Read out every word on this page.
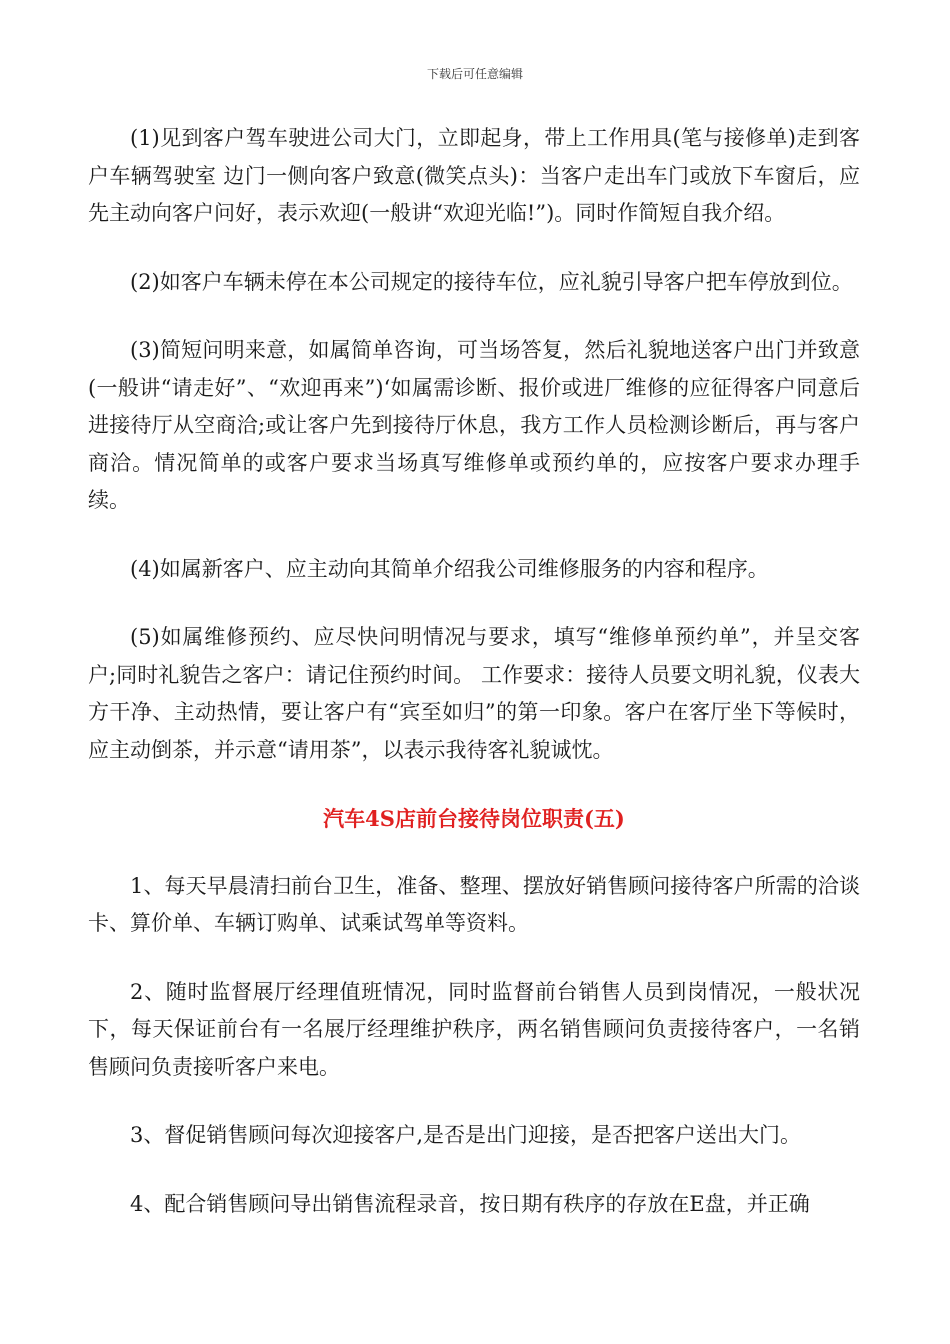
下载后可任意编辑

(1)见到客户驾车驶进公司大门，立即起身，带上工作用具(笔与接修单)走到客户车辆驾驶室 边门一侧向客户致意(微笑点头)：当客户走出车门或放下车窗后，应先主动向客户问好，表示欢迎(一般讲“欢迎光临!”)。同时作简短自我介绍。

(2)如客户车辆未停在本公司规定的接待车位，应礼貌引导客户把车停放到位。

(3)简短问明来意，如属简单咨询，可当场答复，然后礼貌地送客户出门并致意(一般讲“请走好”、“欢迎再来”)‘如属需诊断、报价或进厂维修的应征得客户同意后进接待厅从空商洽;或让客户先到接待厅休息，我方工作人员检测诊断后，再与客户商洽。情况简单的或客户要求当场真写维修单或预约单的，应按客户要求办理手续。

(4)如属新客户、应主动向其简单介绍我公司维修服务的内容和程序。

(5)如属维修预约、应尽快问明情况与要求，填写“维修单预约单”，并呈交客户;同时礼貌告之客户：请记住预约时间。 工作要求：接待人员要文明礼貌，仪表大方干净、主动热情，要让客户有“宾至如归”的第一印象。客户在客厅坐下等候时，应主动倒茶，并示意“请用茶”，以表示我待客礼貌诚忱。

汽车4S店前台接待岗位职责(五)

1、每天早晨清扫前台卫生，准备、整理、摆放好销售顾问接待客户所需的洽谈卡、算价单、车辆订购单、试乘试驾单等资料。

2、随时监督展厅经理值班情况，同时监督前台销售人员到岗情况，一般状况下，每天保证前台有一名展厅经理维护秩序，两名销售顾问负责接待客户，一名销售顾问负责接听客户来电。

3、督促销售顾问每次迎接客户,是否是出门迎接，是否把客户送出大门。

4、配合销售顾问导出销售流程录音，按日期有秩序的存放在E盘，并正确
